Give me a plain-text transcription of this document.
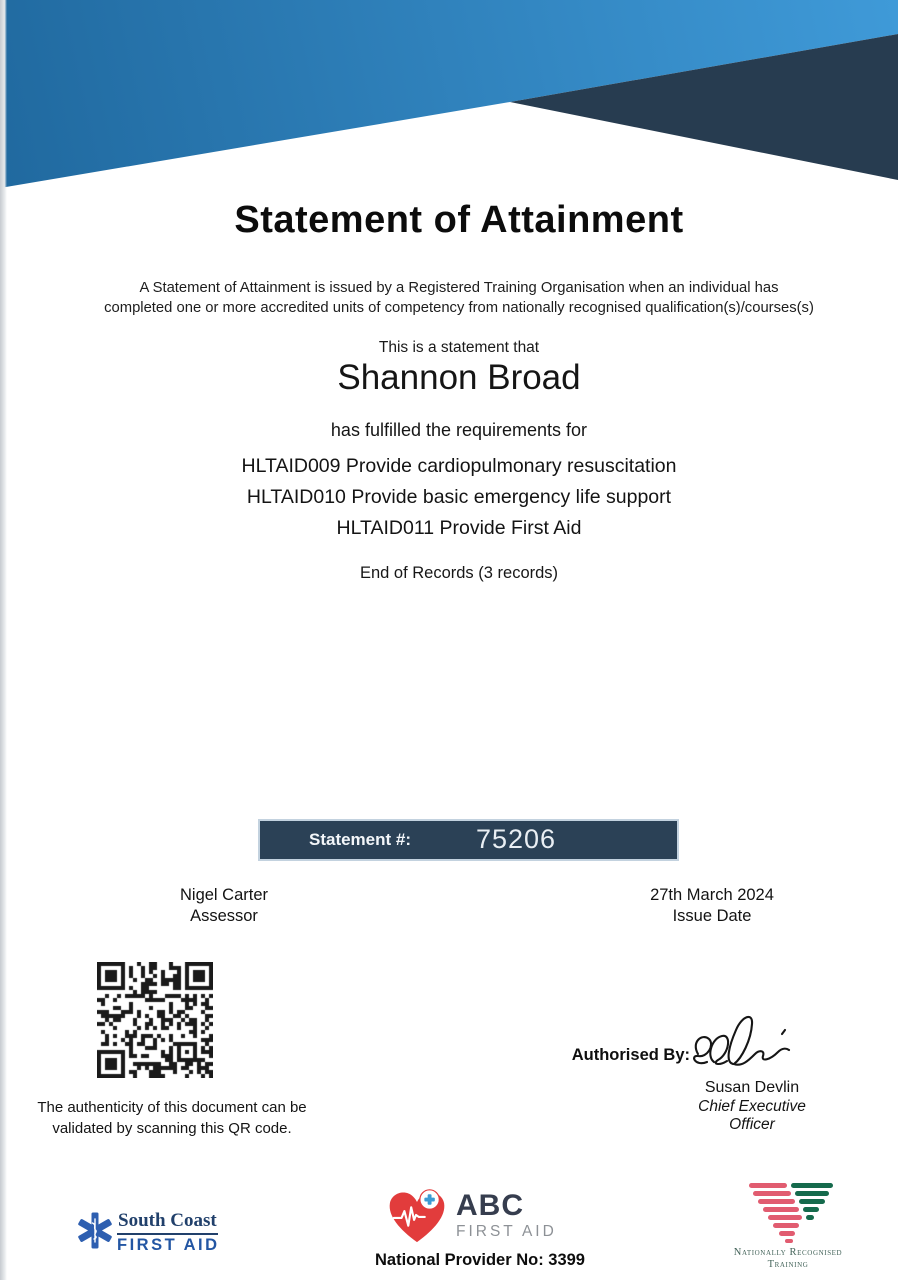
Statement of Attainment
A Statement of Attainment is issued by a Registered Training Organisation when an individual has
completed one or more accredited units of competency from nationally recognised qualification(s)/courses(s)
This is a statement that
Shannon Broad
has fulfilled the requirements for
HLTAID009 Provide cardiopulmonary resuscitation
HLTAID010 Provide basic emergency life support
HLTAID011 Provide First Aid
End of Records (3 records)
Statement #:	75206
Nigel Carter
Assessor
27th March 2024
Issue Date
The authenticity of this document can be
validated by scanning this QR code.
Authorised By:
Susan Devlin
Chief Executive
Officer
South Coast
FIRST AID
ABC
FIRST AID
National Provider No: 3399	Nationally Recognised
Training
